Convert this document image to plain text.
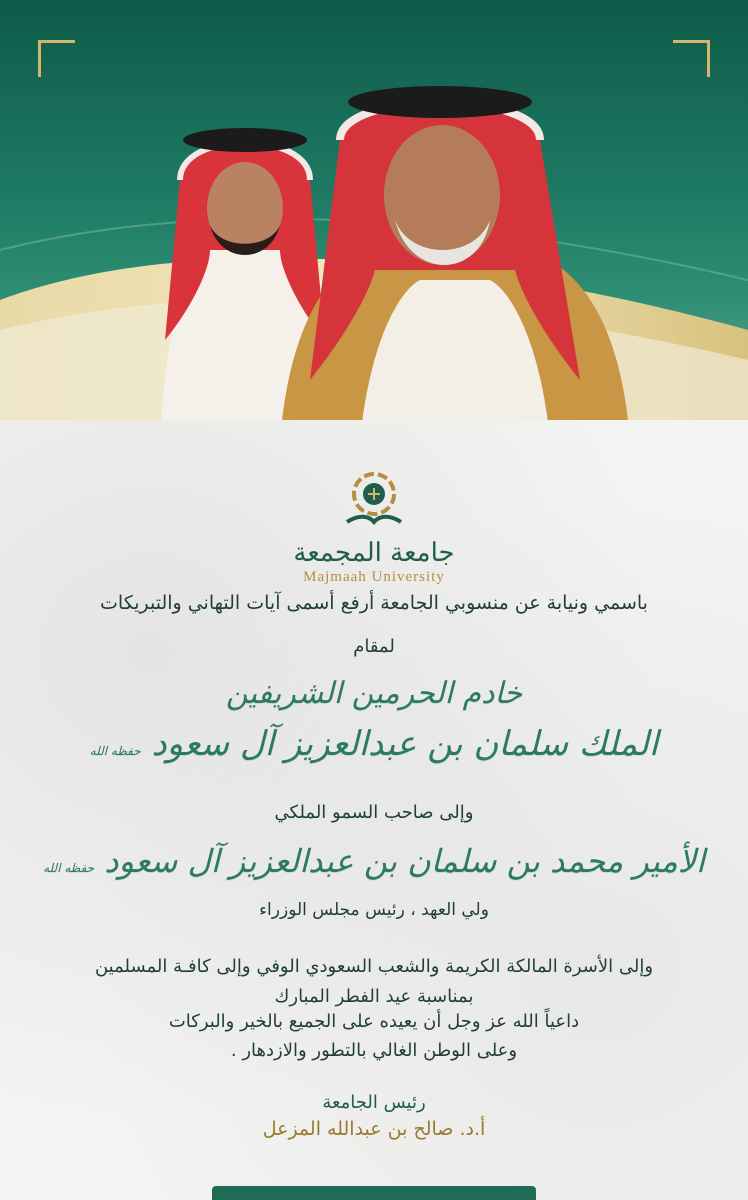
جامعة المجمعة
Majmaah University
باسمي ونيابة عن منسوبي الجامعة أرفع أسمى آيات التهاني والتبريكات
لمقام
خادم الحرمين الشريفين
الملك سلمان بن عبدالعزيز آل سعود حفظه الله
وإلى صاحب السمو الملكي
الأمير محمد بن سلمان بن عبدالعزيز آل سعود حفظه الله
ولي العهد ، رئيس مجلس الوزراء
وإلى الأسرة المالكة الكريمة والشعب السعودي الوفي وإلى كافـة المسلمين
بمناسبة عيد الفطر المبارك
داعياً الله عز وجل أن يعيده على الجميع بالخير والبركات
وعلى الوطن الغالي بالتطور والازدهار .
رئيس الجامعة
أ.د. صالح بن عبدالله المزعل
